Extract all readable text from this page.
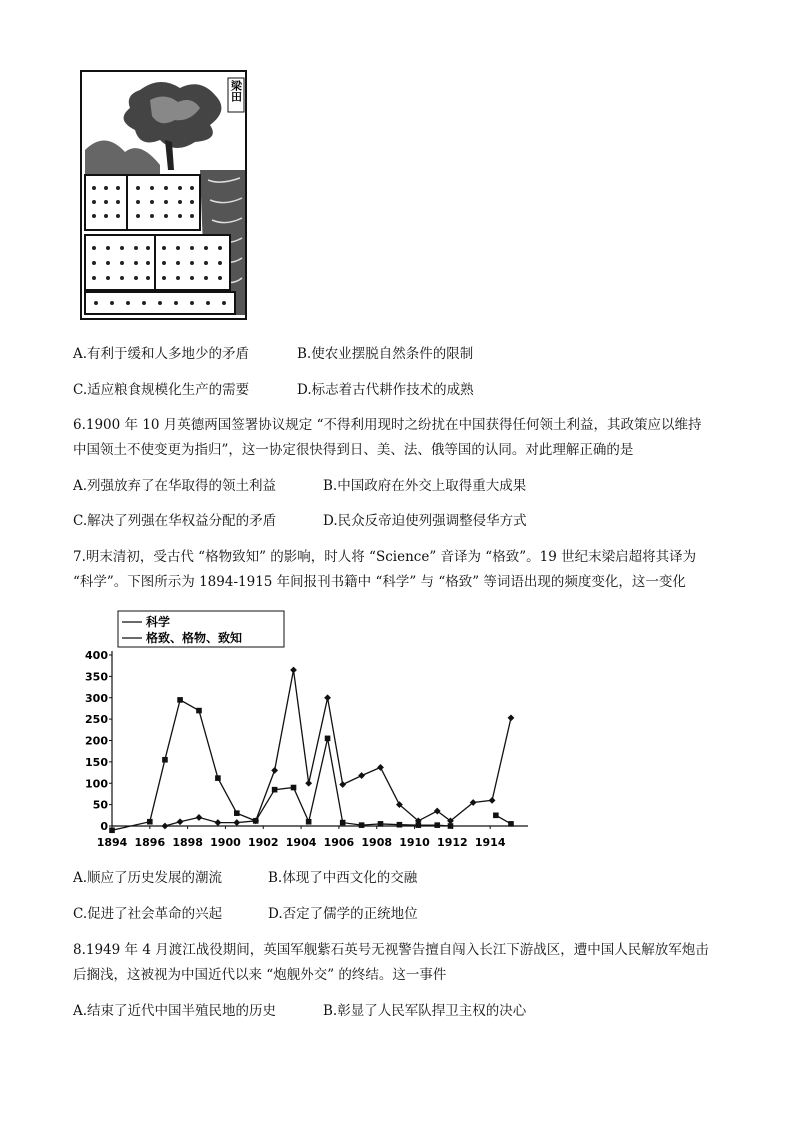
梁田
A.有利于缓和人多地少的矛盾	B.使农业摆脱自然条件的限制
C.适应粮食规模化生产的需要	D.标志着古代耕作技术的成熟
6.1900 年 10 月英德两国签署协议规定 “不得利用现时之纷扰在中国获得任何领土利益，其政策应以维持
中国领土不使变更为指归”，这一协定很快得到日、美、法、俄等国的认同。对此理解正确的是
A.列强放弃了在华取得的领土利益	B.中国政府在外交上取得重大成果
C.解决了列强在华权益分配的矛盾	D.民众反帝迫使列强调整侵华方式
7.明末清初，受古代 “格物致知” 的影响，时人将 “Science” 音译为 “格致”。19 世纪末梁启超将其译为
“科学”。下图所示为 1894-1915 年间报刊书籍中 “科学” 与 “格致” 等词语出现的频度变化，这一变化
0
50
100
150
200
250
300
350
400
1894 1896 1898 1900 1902 1904 1906 1908 1910 1912 1914
科学
格致、格物、致知
A.顺应了历史发展的潮流	B.体现了中西文化的交融
C.促进了社会革命的兴起	D.否定了儒学的正统地位
8.1949 年 4 月渡江战役期间，英国军舰紫石英号无视警告擅自闯入长江下游战区，遭中国人民解放军炮击
后搁浅，这被视为中国近代以来 “炮舰外交” 的终结。这一事件
A.结束了近代中国半殖民地的历史	B.彰显了人民军队捍卫主权的决心
